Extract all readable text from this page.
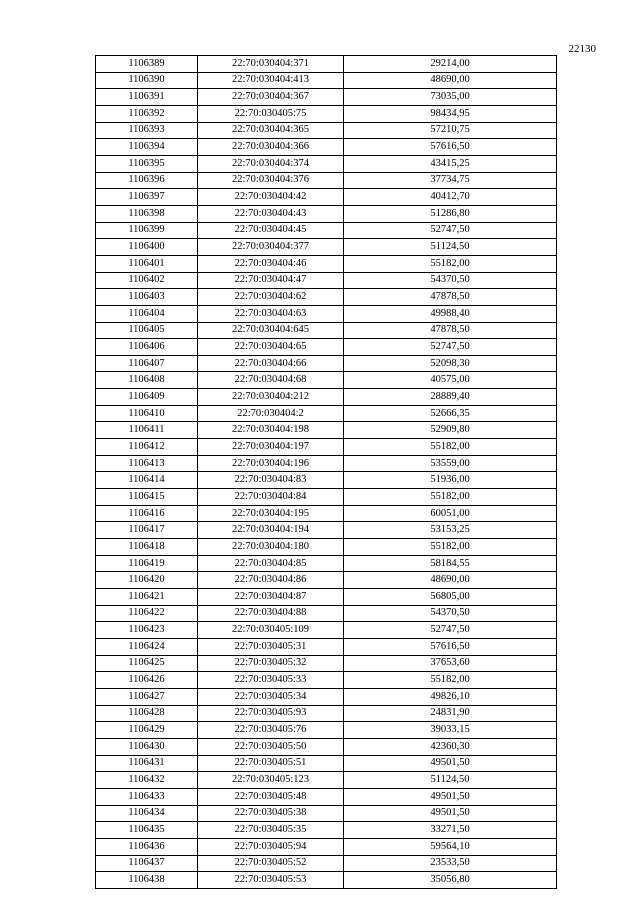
22130
1106389	22:70:030404:371	29214,00
1106390	22:70:030404:413	48690,00
1106391	22:70:030404:367	73035,00
1106392	22:70:030405:75	98434,95
1106393	22:70:030404:365	57210,75
1106394	22:70:030404:366	57616,50
1106395	22:70:030404:374	43415,25
1106396	22:70:030404:376	37734,75
1106397	22:70:030404:42	40412,70
1106398	22:70:030404:43	51286,80
1106399	22:70:030404:45	52747,50
1106400	22:70:030404:377	51124,50
1106401	22:70:030404:46	55182,00
1106402	22:70:030404:47	54370,50
1106403	22:70:030404:62	47878,50
1106404	22:70:030404:63	49988,40
1106405	22:70:030404:645	47878,50
1106406	22:70:030404:65	52747,50
1106407	22:70:030404:66	52098,30
1106408	22:70:030404:68	40575,00
1106409	22:70:030404:212	28889,40
1106410	22:70:030404:2	52666,35
1106411	22:70:030404:198	52909,80
1106412	22:70:030404:197	55182,00
1106413	22:70:030404:196	53559,00
1106414	22:70:030404:83	51936,00
1106415	22:70:030404:84	55182,00
1106416	22:70:030404:195	60051,00
1106417	22:70:030404:194	53153,25
1106418	22:70:030404:180	55182,00
1106419	22:70:030404:85	58184,55
1106420	22:70:030404:86	48690,00
1106421	22:70:030404:87	56805,00
1106422	22:70:030404:88	54370,50
1106423	22:70:030405:109	52747,50
1106424	22:70:030405:31	57616,50
1106425	22:70:030405:32	37653,60
1106426	22:70:030405:33	55182,00
1106427	22:70:030405:34	49826,10
1106428	22:70:030405:93	24831,90
1106429	22:70:030405:76	39033,15
1106430	22:70:030405:50	42360,30
1106431	22:70:030405:51	49501,50
1106432	22:70:030405:123	51124,50
1106433	22:70:030405:48	49501,50
1106434	22:70:030405:38	49501,50
1106435	22:70:030405:35	33271,50
1106436	22:70:030405:94	59564,10
1106437	22:70:030405:52	23533,50
1106438	22:70:030405:53	35056,80
